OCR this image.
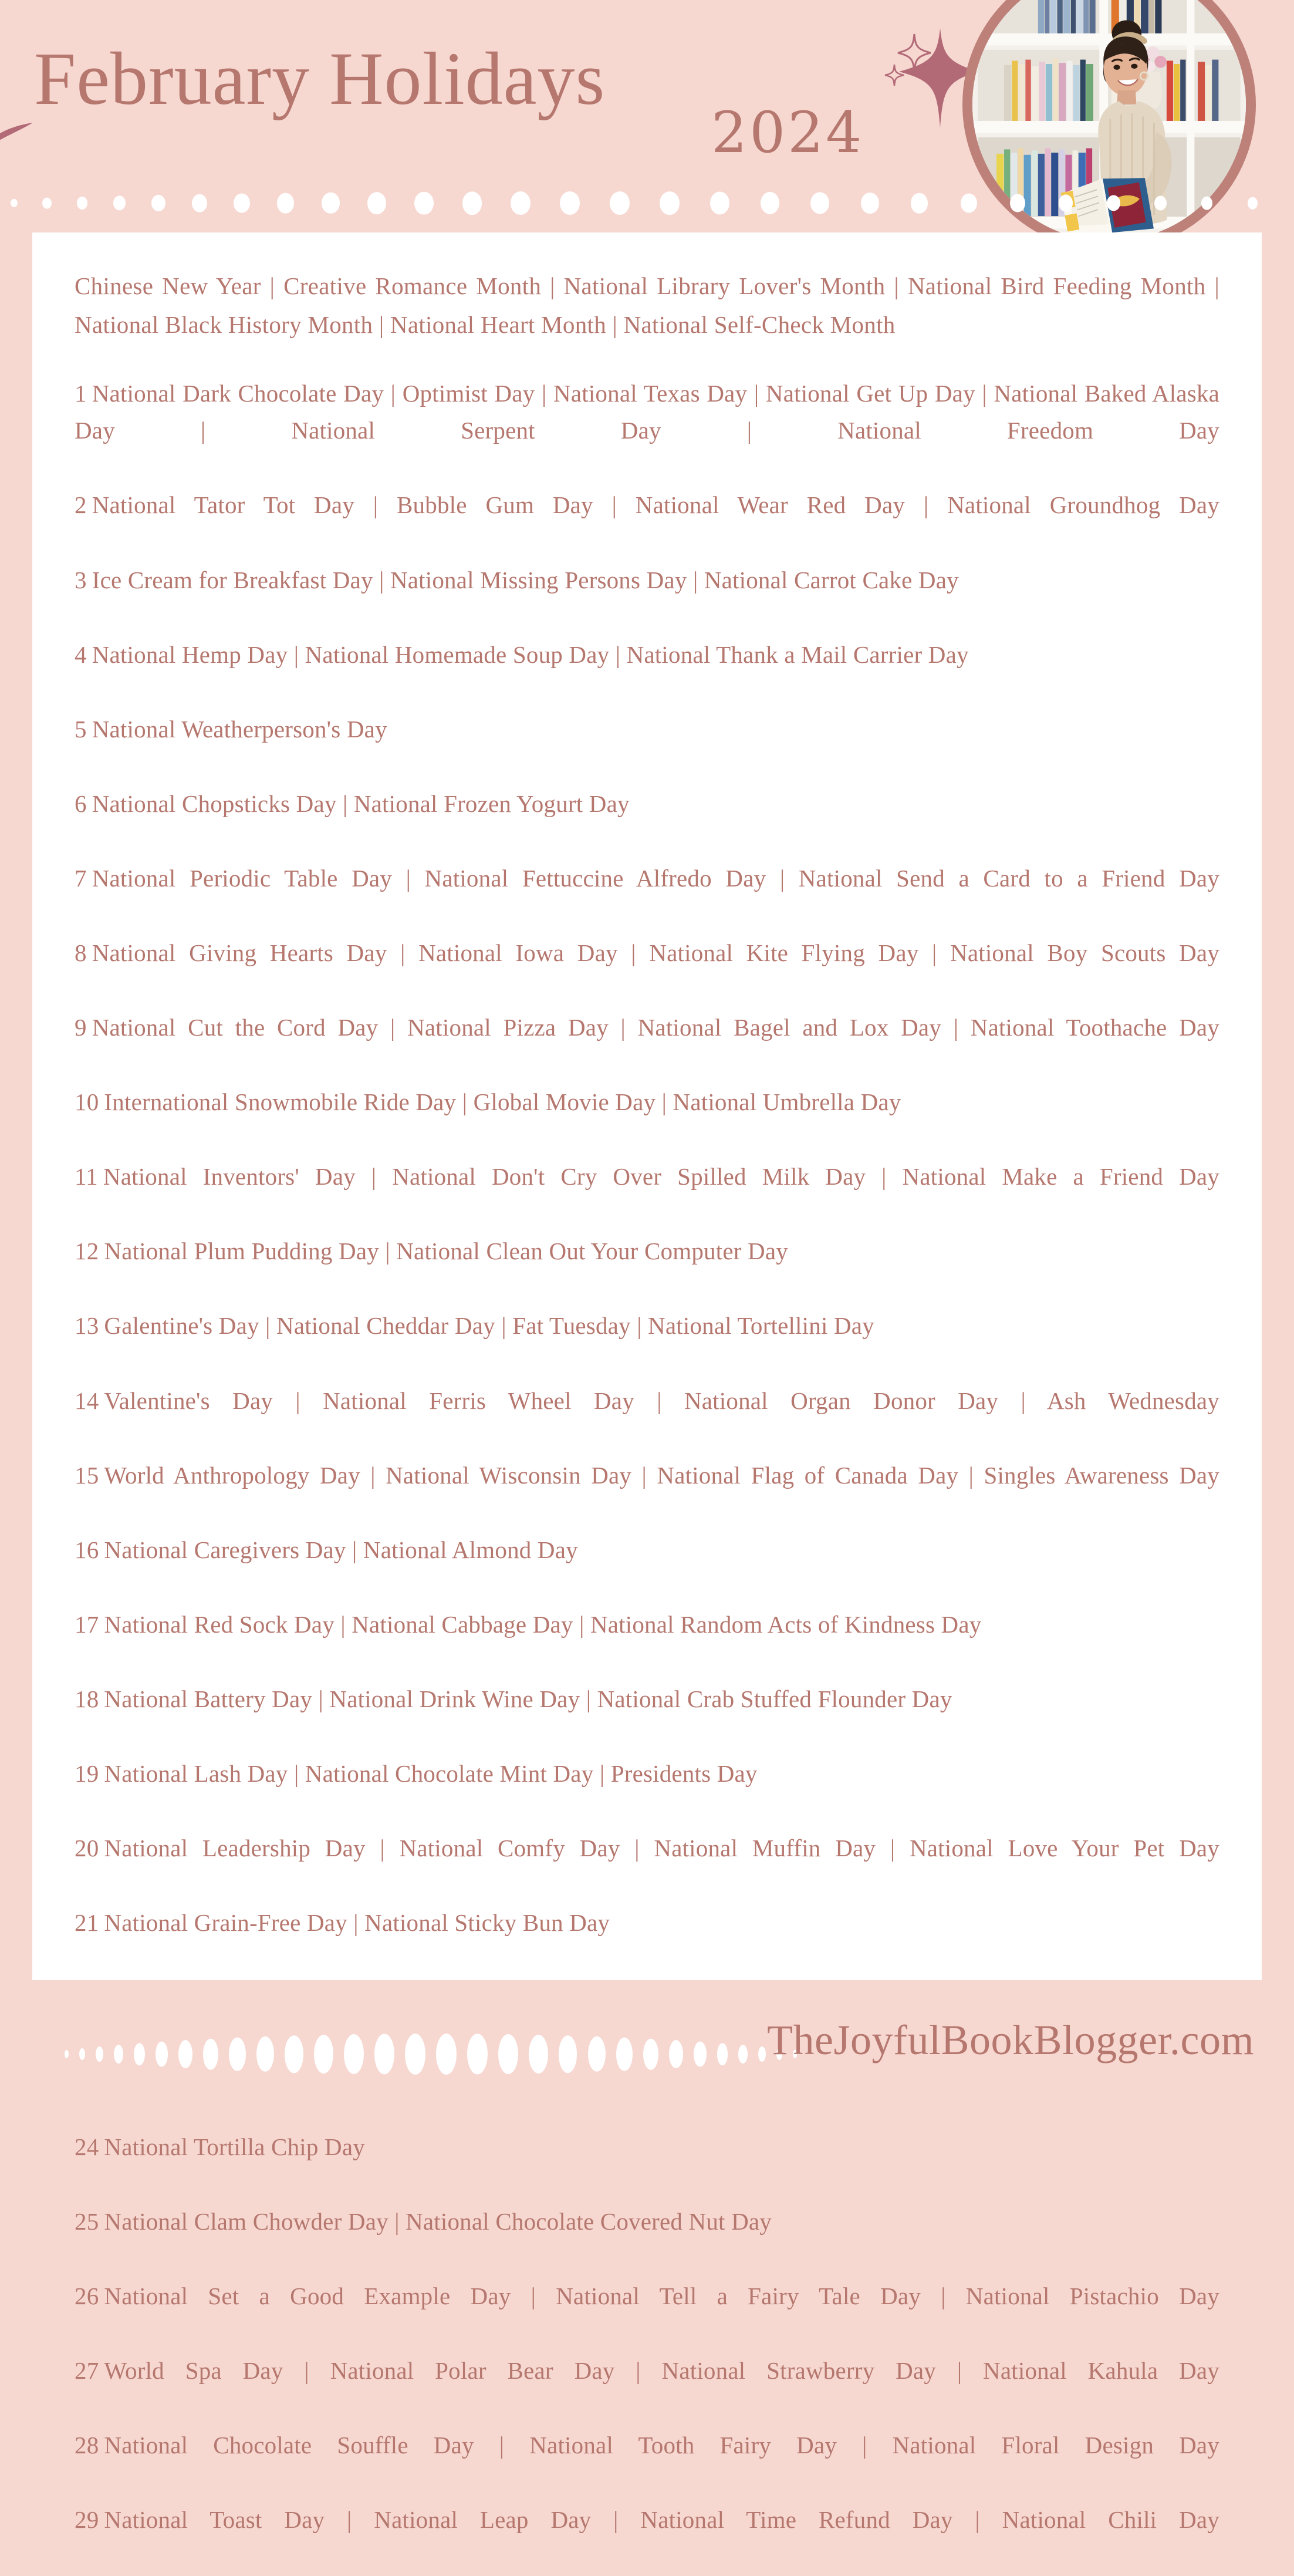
February Holidays
2024

Chinese New Year | Creative Romance Month | National Library Lover's Month | National Bird Feeding Month | National Black History Month | National Heart Month | National Self-Check Month

1 National Dark Chocolate Day | Optimist Day | National Texas Day | National Get Up Day | National Baked Alaska Day | National Serpent Day | National Freedom Day

2 National Tator Tot Day | Bubble Gum Day | National Wear Red Day | National Groundhog Day

3 Ice Cream for Breakfast Day | National Missing Persons Day | National Carrot Cake Day

4 National Hemp Day | National Homemade Soup Day | National Thank a Mail Carrier Day

5 National Weatherperson's Day

6 National Chopsticks Day | National Frozen Yogurt Day

7 National Periodic Table Day | National Fettuccine Alfredo Day | National Send a Card to a Friend Day

8 National Giving Hearts Day | National Iowa Day | National Kite Flying Day | National Boy Scouts Day

9 National Cut the Cord Day | National Pizza Day | National Bagel and Lox Day | National Toothache Day

10 International Snowmobile Ride Day | Global Movie Day | National Umbrella Day

11 National Inventors' Day | National Don't Cry Over Spilled Milk Day | National Make a Friend Day

12 National Plum Pudding Day | National Clean Out Your Computer Day

13 Galentine's Day | National Cheddar Day | Fat Tuesday | National Tortellini Day

14 Valentine's Day | National Ferris Wheel Day | National Organ Donor Day | Ash Wednesday

15 World Anthropology Day | National Wisconsin Day | National Flag of Canada Day | Singles Awareness Day

16 National Caregivers Day | National Almond Day

17 National Red Sock Day | National Cabbage Day | National Random Acts of Kindness Day

18 National Battery Day | National Drink Wine Day | National Crab Stuffed Flounder Day

19 National Lash Day | National Chocolate Mint Day | Presidents Day

20 National Leadership Day | National Comfy Day | National Muffin Day | National Love Your Pet Day

21 National Grain-Free Day | National Sticky Bun Day

24 National Tortilla Chip Day

25 National Clam Chowder Day | National Chocolate Covered Nut Day

26 National Set a Good Example Day | National Tell a Fairy Tale Day | National Pistachio Day

27 World Spa Day | National Polar Bear Day | National Strawberry Day | National Kahula Day

28 National Chocolate Souffle Day | National Tooth Fairy Day | National Floral Design Day

29 National Toast Day | National Leap Day | National Time Refund Day | National Chili Day

TheJoyfulBookBlogger.com
